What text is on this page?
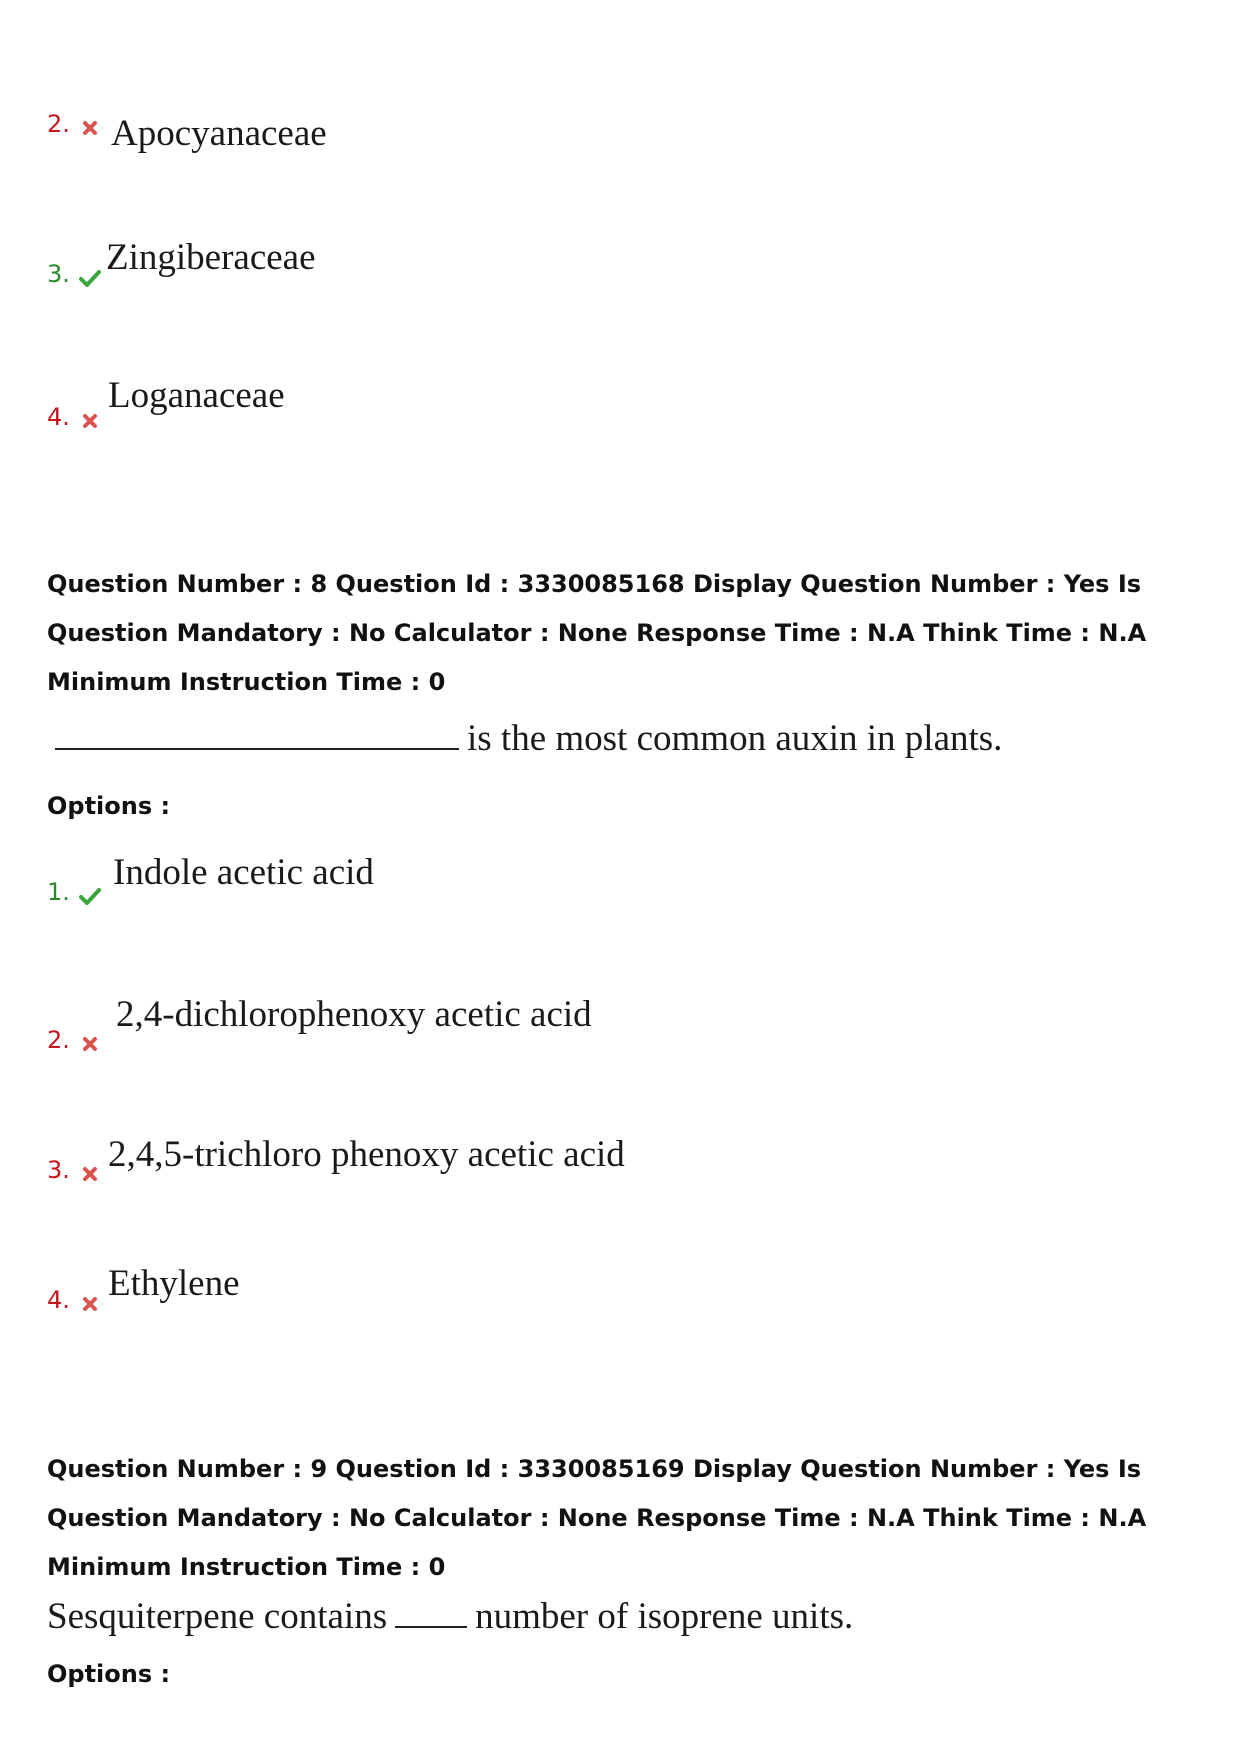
2.	Apocyanaceae
3. Zingiberaceae
4.
Loganaceae
Question Number : 8 Question Id : 3330085168 Display Question Number : Yes Is Question Mandatory : No Calculator : None Response Time : N.A Think Time : N.A Minimum Instruction Time : 0
is the most common auxin in plants.
Options :
1.	Indole acetic acid
2.
2,4-dichlorophenoxy acetic acid
3.	2,4,5-trichloro phenoxy acetic acid
4.	Ethylene
Question Number : 9 Question Id : 3330085169 Display Question Number : Yes Is Question Mandatory : No Calculator : None Response Time : N.A Think Time : N.A Minimum Instruction Time : 0
Sesquiterpene contains number of isoprene units.
Options :
